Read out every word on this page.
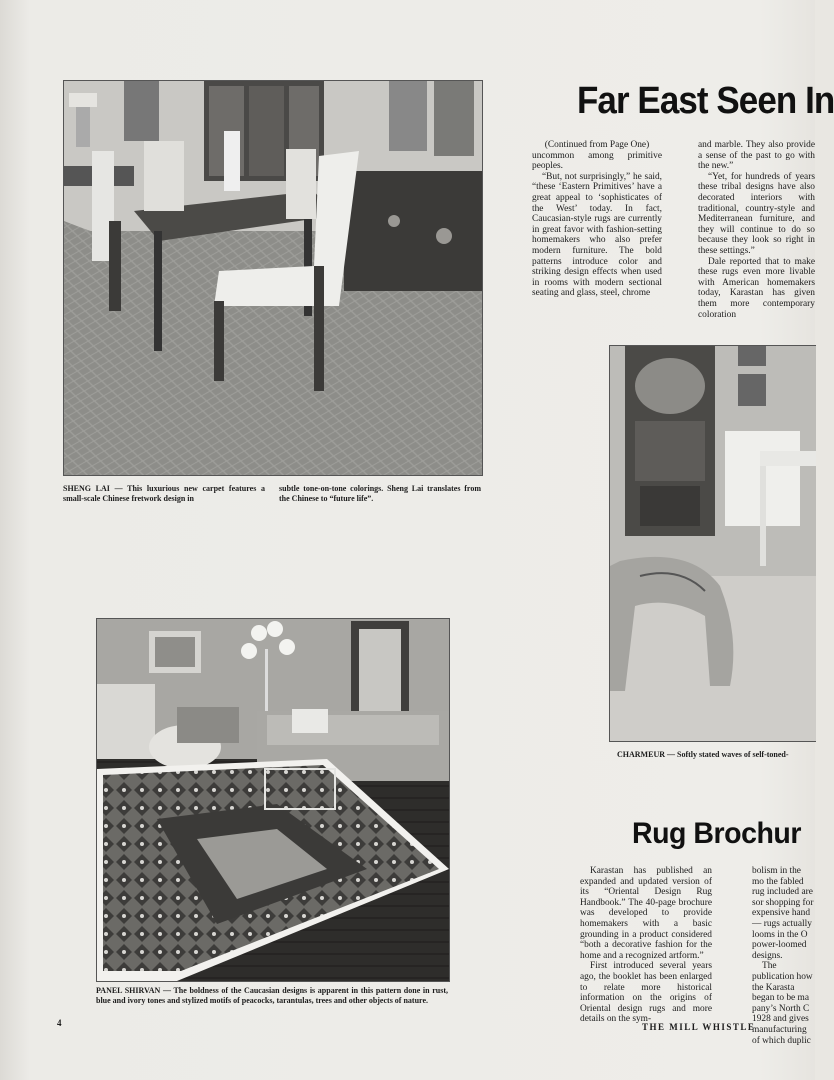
SHENG LAI — This luxurious new carpet features a small-scale Chinese fretwork design in
subtle tone-on-tone colorings. Sheng Lai translates from the Chinese to “future life”.
Far East Seen In

(Continued from Page One)

uncommon among primitive peoples.

“But, not surprisingly,” he said, “these ‘Eastern Primitives’ have a great appeal to ‘sophisticates of the West’ today. In fact, Caucasian-style rugs are currently in great favor with fashion-setting homemakers who also prefer modern furniture. The bold patterns introduce color and striking design effects when used in rooms with modern sectional seating and glass, steel, chrome

and marble. They also provide a sense of the past to go with the new.”

“Yet, for hundreds of years these tribal designs have also decorated interiors with traditional, country-style and Mediterranean furniture, and they will continue to do so because they look so right in these settings.”

Dale reported that to make these rugs even more livable with American homemakers today, Karastan has given them more contemporary coloration

CHARMEUR — Softly stated waves of self-toned-
PANEL SHIRVAN — The boldness of the Caucasian designs is apparent in this pattern done in rust, blue and ivory tones and stylized motifs of peacocks, tarantulas, trees and other objects of nature.
Rug Brochur

Karastan has published an expanded and updated version of its “Oriental Design Rug Handbook.” The 40-page brochure was developed to provide homemakers with a basic grounding in a product considered “both a decorative fashion for the home and a recognized artform.”

First introduced several years ago, the booklet has been enlarged to relate more historical information on the origins of Oriental design rugs and more details on the sym-

bolism in the mo the fabled rug included are sor shopping for expensive hand — rugs actually looms in the O power-loomed designs.

The publication how the Karasta began to be ma pany’s North C 1928 and gives manufacturing of which duplic

4	THE MILL WHISTLE
